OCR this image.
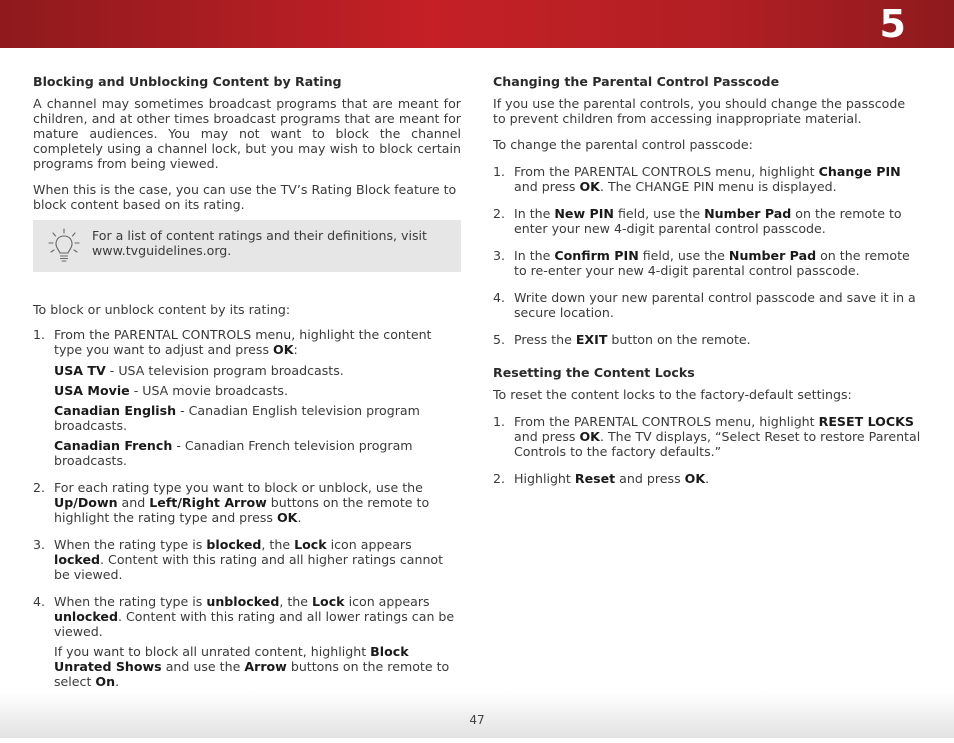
5
Blocking and Unblocking Content by Rating

A channel may sometimes broadcast programs that are meant for children, and at other times broadcast programs that are meant for mature audiences. You may not want to block the channel completely using a channel lock, but you may wish to block certain programs from being viewed.

When this is the case, you can use the TV’s Rating Block feature to block content based on its rating.

For a list of content ratings and their definitions, visit
www.tvguidelines.org.

To block or unblock content by its rating:

1. From the PARENTAL CONTROLS menu, highlight the content type you want to adjust and press OK:

USA TV - USA television program broadcasts.

USA Movie - USA movie broadcasts.

Canadian English - Canadian English television program broadcasts.

Canadian French - Canadian French television program broadcasts.

2. For each rating type you want to block or unblock, use the Up/Down and Left/Right Arrow buttons on the remote to highlight the rating type and press OK.
3. When the rating type is blocked, the Lock icon appears locked. Content with this rating and all higher ratings cannot be viewed.
4. When the rating type is unblocked, the Lock icon appears unlocked. Content with this rating and all lower ratings can be viewed.

If you want to block all unrated content, highlight Block Unrated Shows and use the Arrow buttons on the remote to select On.

Changing the Parental Control Passcode

If you use the parental controls, you should change the passcode to prevent children from accessing inappropriate material.

To change the parental control passcode:

1. From the PARENTAL CONTROLS menu, highlight Change PIN and press OK. The CHANGE PIN menu is displayed.
2. In the New PIN field, use the Number Pad on the remote to enter your new 4-digit parental control passcode.
3. In the Confirm PIN field, use the Number Pad on the remote to re-enter your new 4-digit parental control passcode.
4. Write down your new parental control passcode and save it in a secure location.
5. Press the EXIT button on the remote.
Resetting the Content Locks

To reset the content locks to the factory-default settings:

1. From the PARENTAL CONTROLS menu, highlight RESET LOCKS and press OK. The TV displays, “Select Reset to restore Parental Controls to the factory defaults.”
2. Highlight Reset and press OK.
47
